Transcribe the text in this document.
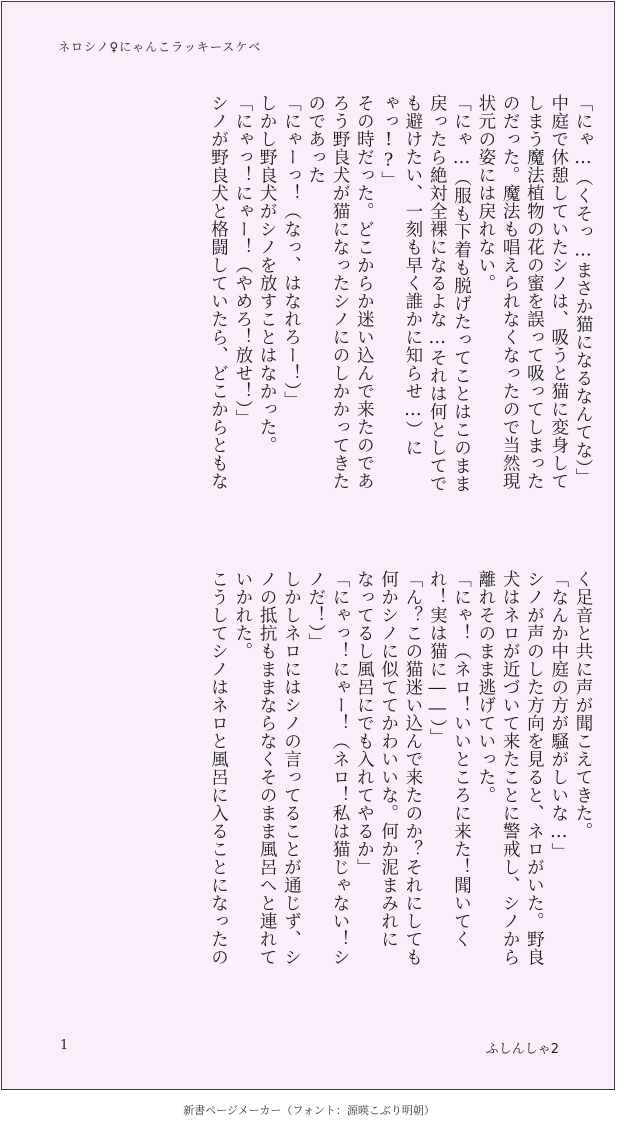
ネロシノ♀にゃんこラッキースケベ
「にゃ…（くそっ…まさか猫になるなんてな）」
中庭で休憩していたシノは、吸うと猫に変身して
しまう魔法植物の花の蜜を誤って吸ってしまった
のだった。魔法も唱えられなくなったので当然現
状元の姿には戻れない。
「にゃ…（服も下着も脱げたってことはこのまま
戻ったら絶対全裸になるよな…それは何としてで
も避けたい、一刻も早く誰かに知らせ…）に
ゃっ!?」
その時だった。どこからか迷い込んで来たのであ
ろう野良犬が猫になったシノにのしかかってきた
のであった
「にゃーっ！（なっ、はなれろー！）」
しかし野良犬がシノを放すことはなかった。
「にゃっ！にゃー！（やめろ！放せ！）」
シノが野良犬と格闘していたら、どこからともな
く足音と共に声が聞こえてきた。
「なんか中庭の方が騒がしいな…」
シノが声のした方向を見ると、ネロがいた。野良
犬はネロが近づいて来たことに警戒し、シノから
離れそのまま逃げていった。
「にゃ！（ネロ！いいところに来た！聞いてく
れ！実は猫に――）」
「ん？この猫迷い込んで来たのか？それにしても
何かシノに似ててかわいいな。何か泥まみれに
なってるし風呂にでも入れてやるか」
「にゃっ！にゃー！（ネロ！私は猫じゃない！シ
ノだ！）」
しかしネロにはシノの言ってることが通じず、シ
ノの抵抗もままならなくそのまま風呂へと連れて
いかれた。
こうしてシノはネロと風呂に入ることになったの
1	ふしんしゃ2
新書ページメーカー（フォント：源暎こぶり明朝）
